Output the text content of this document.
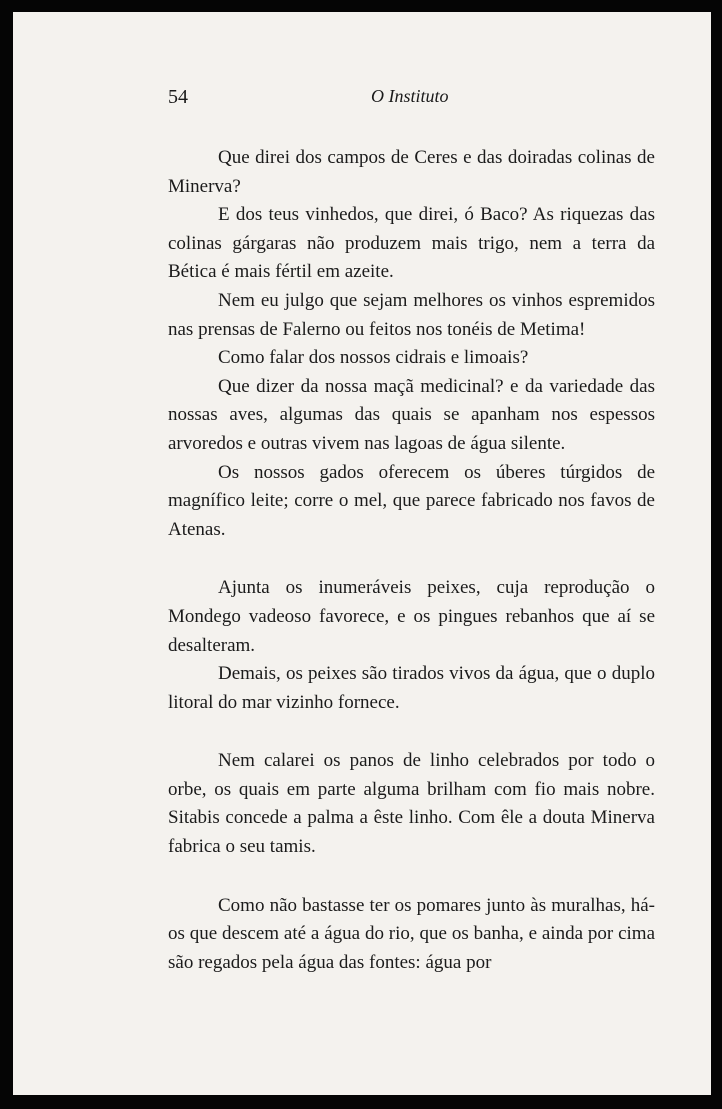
54	O Instituto

Que direi dos campos de Ceres e das doiradas colinas de Minerva?

E dos teus vinhedos, que direi, ó Baco? As riquezas das colinas gárgaras não produzem mais trigo, nem a terra da Bética é mais fértil em azeite.

Nem eu julgo que sejam melhores os vinhos espremidos nas prensas de Falerno ou feitos nos tonéis de Metima!

Como falar dos nossos cidrais e limoais?

Que dizer da nossa maçã medicinal? e da variedade das nossas aves, algumas das quais se apanham nos espessos arvoredos e outras vivem nas lagoas de água silente.

Os nossos gados oferecem os úberes túrgidos de magnífico leite; corre o mel, que parece fabricado nos favos de Atenas.

Ajunta os inumeráveis peixes, cuja reprodução o Mondego vadeoso favorece, e os pingues rebanhos que aí se desalteram.

Demais, os peixes são tirados vivos da água, que o duplo litoral do mar vizinho fornece.

Nem calarei os panos de linho celebrados por todo o orbe, os quais em parte alguma brilham com fio mais nobre. Sitabis concede a palma a êste linho. Com êle a douta Minerva fabrica o seu tamis.

Como não bastasse ter os pomares junto às muralhas, há-os que descem até a água do rio, que os banha, e ainda por cima são regados pela água das fontes: água por
